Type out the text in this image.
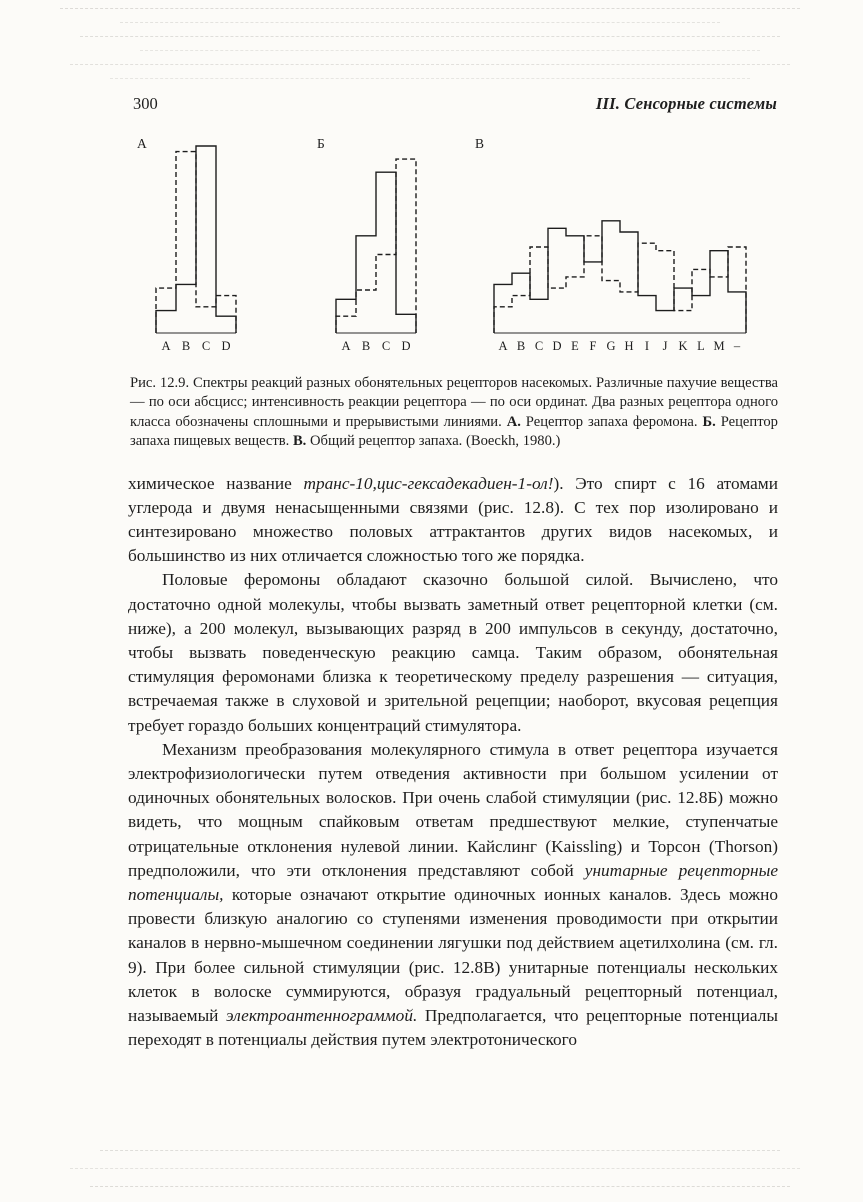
300	III. Сенсорные системы
А
A B C D
Б
A B C D
В
A B C D E F G H I J K L M –

Рис. 12.9. Спектры реакций разных обонятельных рецепторов насекомых. Различные пахучие вещества — по оси абсцисс; интенсивность реакции рецептора — по оси ординат. Два разных рецептора одного класса обозначены сплошными и прерывистыми линиями. А. Рецептор запаха феромона. Б. Рецептор запаха пищевых веществ. В. Общий рецептор запаха. (Boeckh, 1980.)

химическое название транс-10,цис-гексадекадиен-1-ол!). Это спирт с 16 атомами углерода и двумя ненасыщенными связями (рис. 12.8). С тех пор изолировано и синтезировано множество половых аттрактантов других видов насекомых, и большинство из них отличается сложностью того же порядка.

Половые феромоны обладают сказочно большой силой. Вычислено, что достаточно одной молекулы, чтобы вызвать заметный ответ рецепторной клетки (см. ниже), а 200 молекул, вызывающих разряд в 200 импульсов в секунду, достаточно, чтобы вызвать поведенческую реакцию самца. Таким образом, обонятельная стимуляция феромонами близка к теоретическому пределу разрешения — ситуация, встречаемая также в слуховой и зрительной рецепции; наоборот, вкусовая рецепция требует гораздо больших концентраций стимулятора.

Механизм преобразования молекулярного стимула в ответ рецептора изучается электрофизиологически путем отведения активности при большом усилении от одиночных обонятельных волосков. При очень слабой стимуляции (рис. 12.8Б) можно видеть, что мощным спайковым ответам предшествуют мелкие, ступенчатые отрицательные отклонения нулевой линии. Кайслинг (Kaissling) и Торсон (Thorson) предположили, что эти отклонения представляют собой унитарные рецепторные потенциалы, которые означают открытие одиночных ионных каналов. Здесь можно провести близкую аналогию со ступенями изменения проводимости при открытии каналов в нервно-мышечном соединении лягушки под действием ацетилхолина (см. гл. 9). При более сильной стимуляции (рис. 12.8В) унитарные потенциалы нескольких клеток в волоске суммируются, образуя градуальный рецепторный потенциал, называемый электроантеннограммой. Предполагается, что рецепторные потенциалы переходят в потенциалы действия путем электротонического
